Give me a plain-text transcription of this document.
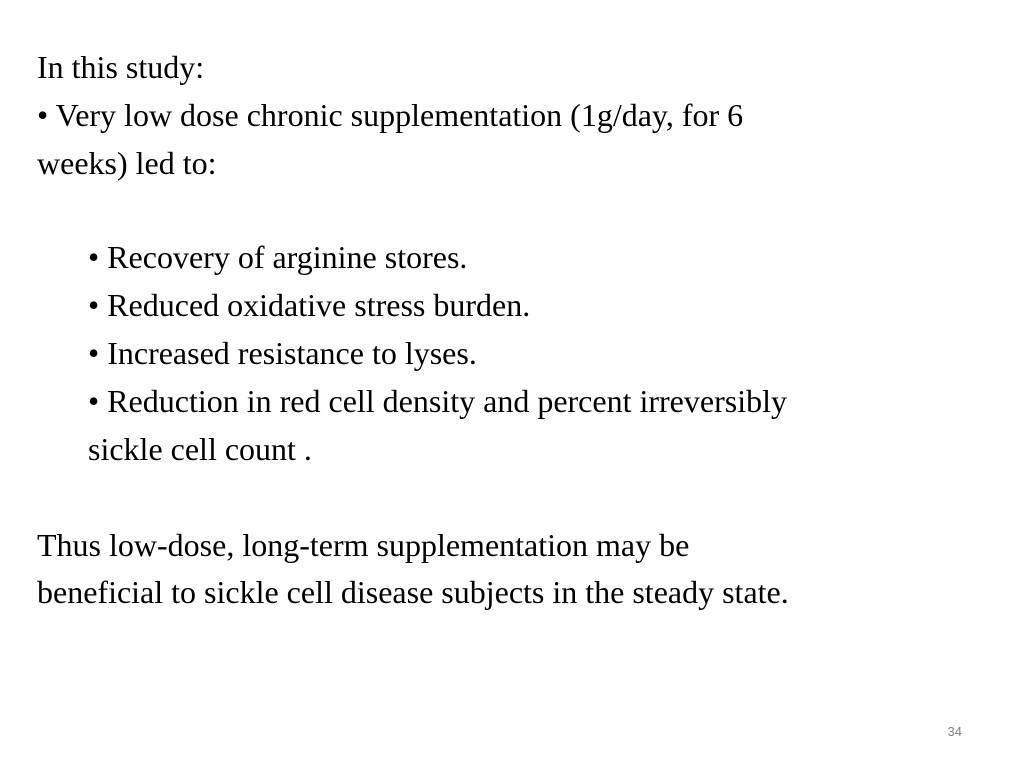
In this study:

• Very low dose chronic supplementation (1g/day, for 6

weeks) led to:

• Recovery of arginine stores.

• Reduced oxidative stress burden.

• Increased resistance to lyses.

• Reduction in red cell density and percent irreversibly

sickle cell count .

Thus low-dose, long-term supplementation may be

beneficial to sickle cell disease subjects in the steady state.

34
